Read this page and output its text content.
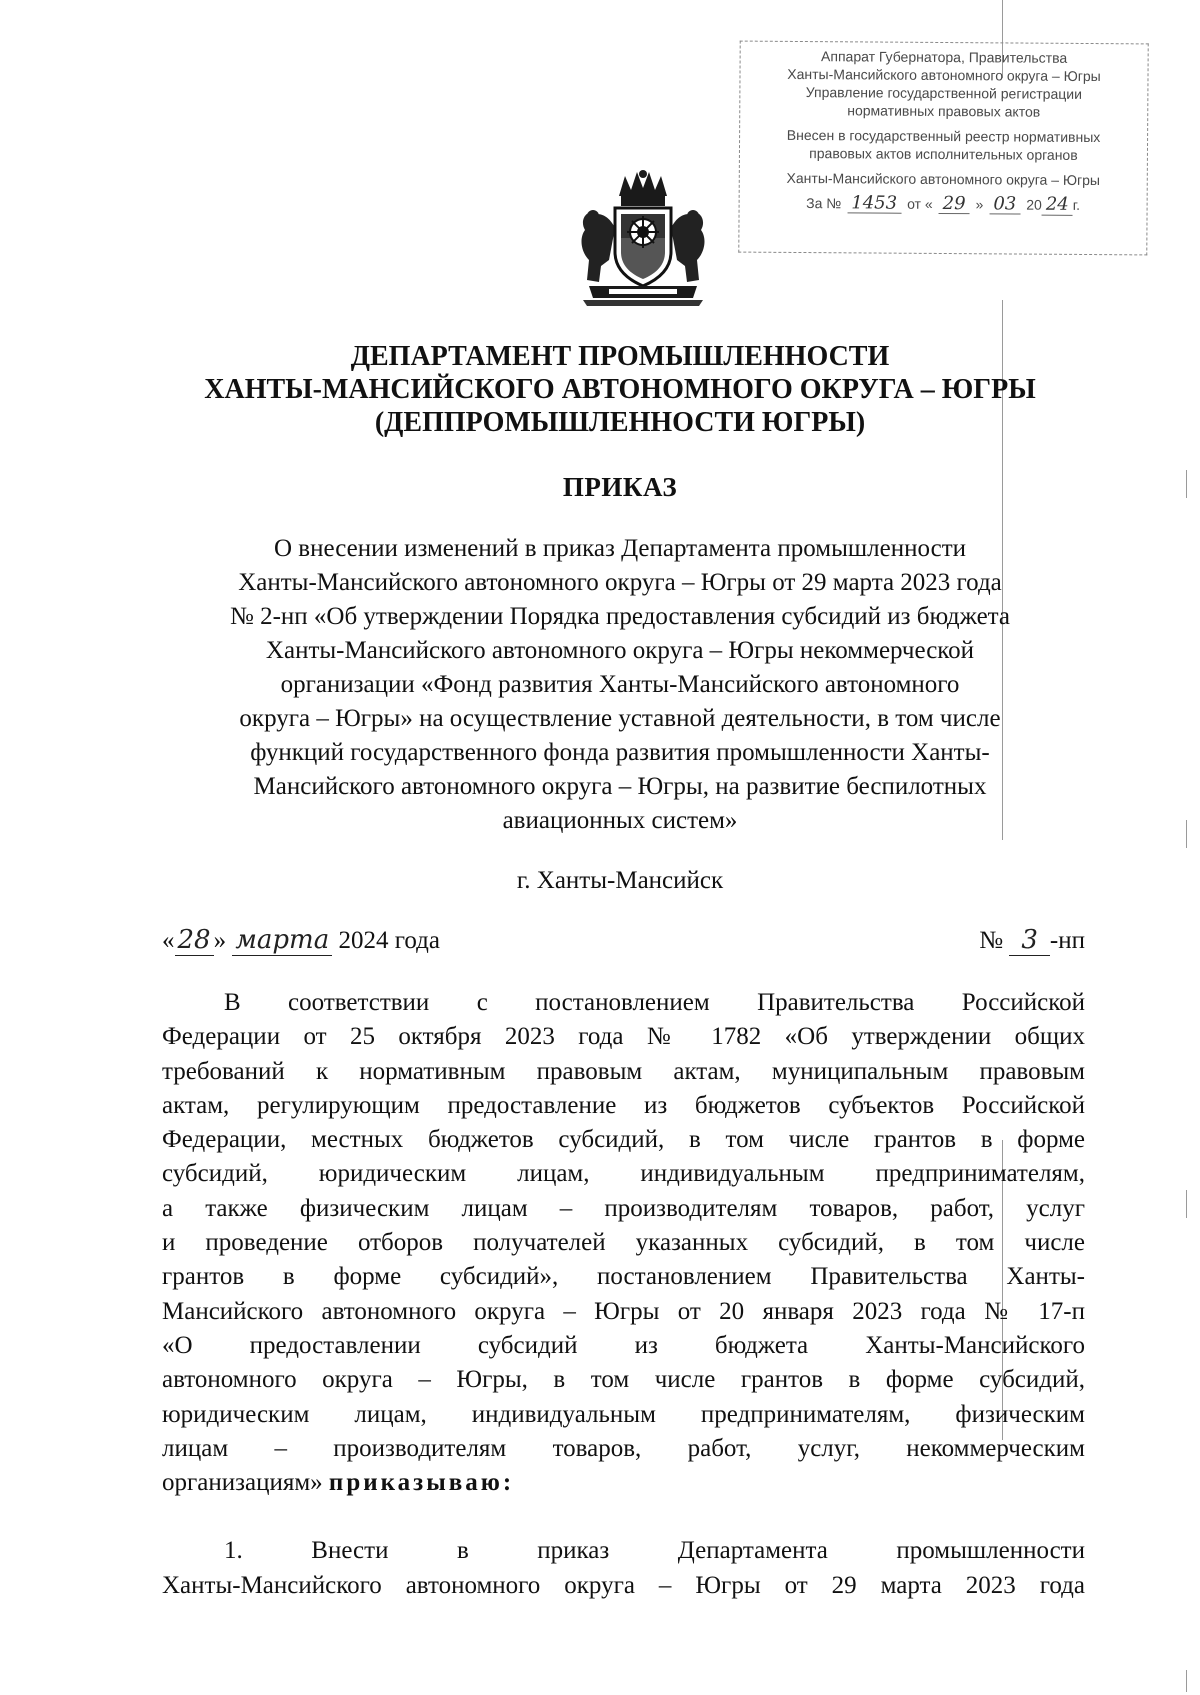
Аппарат Губернатора, Правительства
Ханты-Мансийского автономного округа – Югры
Управление государственной регистрации
нормативных правовых актов
Внесен в государственный реестр нормативных
правовых актов исполнительных органов
Ханты-Мансийского автономного округа – Югры
За № 1453 от « 29 » 03 20 24 г.
ДЕПАРТАМЕНТ ПРОМЫШЛЕННОСТИ
ХАНТЫ-МАНСИЙСКОГО АВТОНОМНОГО ОКРУГА – ЮГРЫ
(ДЕППРОМЫШЛЕННОСТИ ЮГРЫ)
ПРИКАЗ
О внесении изменений в приказ Департамента промышленности
Ханты-Мансийского автономного округа – Югры от 29 марта 2023 года
№ 2-нп «Об утверждении Порядка предоставления субсидий из бюджета
Ханты-Мансийского автономного округа – Югры некоммерческой
организации «Фонд развития Ханты-Мансийского автономного
округа – Югры» на осуществление уставной деятельности, в том числе
функций государственного фонда развития промышленности Ханты-
Мансийского автономного округа – Югры, на развитие беспилотных
авиационных систем»
г. Ханты-Мансийск
« 28 » марта 2024 года	№ 3 -нп
В соответствии с постановлением Правительства Российской
Федерации от 25 октября 2023 года № 1782 «Об утверждении общих
требований к нормативным правовым актам, муниципальным правовым
актам, регулирующим предоставление из бюджетов субъектов Российской
Федерации, местных бюджетов субсидий, в том числе грантов в форме
субсидий, юридическим лицам, индивидуальным предпринимателям,
а также физическим лицам – производителям товаров, работ, услуг
и проведение отборов получателей указанных субсидий, в том числе
грантов в форме субсидий», постановлением Правительства Ханты-
Мансийского автономного округа – Югры от 20 января 2023 года № 17-п
«О предоставлении субсидий из бюджета Ханты-Мансийского
автономного округа – Югры, в том числе грантов в форме субсидий,
юридическим лицам, индивидуальным предпринимателям, физическим
лицам – производителям товаров, работ, услуг, некоммерческим
организациям» приказываю:
1. Внести в приказ Департамента промышленности
Ханты-Мансийского автономного округа – Югры от 29 марта 2023 года
